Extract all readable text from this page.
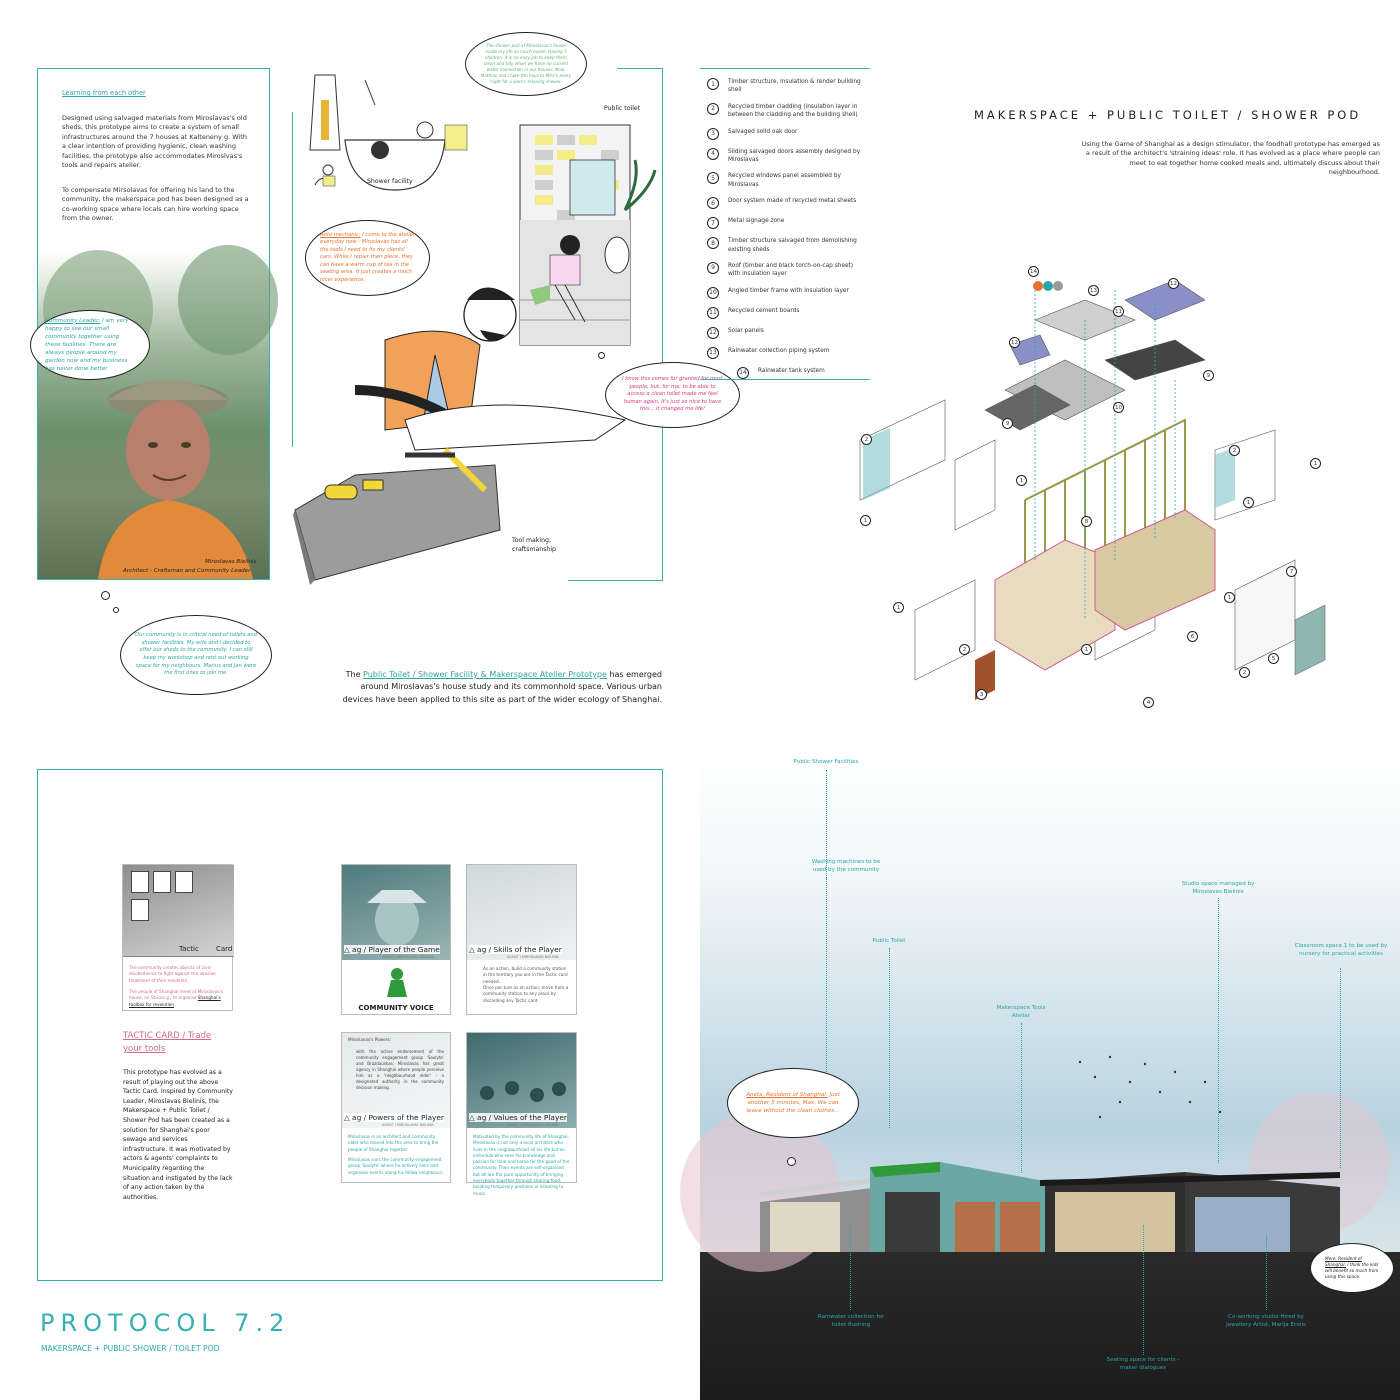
Learning from each other
Designed using salvaged materials from Miroslavas's old sheds, this prototype aims to create a system of small infrastructures around the 7 houses at Kalteneny g. With a clear intention of providing hygienic, clean washing facilities, the prototype also accommodates Miroslvas's tools and repairs atelier.
To compensate Mirsolavas for offering his land to the community, the makerspace pod has been designed as a co-working space where locals can hire working space from the owner.
Community Leader: I am very happy to see our small community together using these facilities. There are always people around my garden now and my business has never done better.
Miroslavas Bielinis
Architect - Craftsman and Community Leader
Our community is in critical need of toilets and shower facilities. My wife and I decided to offer our sheds to the community. I can still keep my workshop and rent out working space for my neighbours. Marius and Jan were the first ones to join me.
The shower pod at Miroslavas's house made my life so much easier. Having 5 children, it is no easy job to keep them clean and tidy when we have no current water connection in our houses. Now, Mathias and I take the boys to Miro's every night for a warm, relaxing shower.
Public toilet
Shower facility
Auto mechanic: I come to the atelier everyday now - Miroslavas has all the tools I need to fix my clients' cars. While I repair their piece, they can have a warm cup of tea in the seating area. It just creates a much nicer experience.
I know this comes for granted for most people, but, for me, to be able to access a clean toilet made me feel human again. It's just so nice to have this... it changed me life!
Tool making, craftsmanship
The Public Toilet / Shower Facility & Makerspace Atelier Prototype has emerged around Miroslavas's house study and its commonhold space. Various urban devices have been applied to this site as part of the wider ecology of Shanghai.
1	Timber structure, insulation & render building shell
2	Recycled timber cladding (insulation layer in between the cladding and the building shell)
3	Salvaged solid oak door
4	Sliding salvaged doors assembly designed by Miroslavas
5	Recycled windows panel assembled by Miroslavas
6	Door system made of recycled metal sheets
7	Metal signage zone
8	Timber structure salvaged from demolishing existing sheds
9	Roof (timber and black torch-on-cap sheet) with insulation layer
10	Angled timber frame with insulation layer
11	Recycled cement boards
12	Solar panels
13	Rainwater collection piping system
14	Rainwater tank system
MAKERSPACE + PUBLIC TOILET / SHOWER POD
Using the Game of Shanghai as a design stimulator, the foodhall prototype has emerged as a result of the architect's 'straining ideas' role. It has evolved as a place where people can meet to eat together home cooked meals and, ultimately discuss about their neighbourhood.
14
13
12
11
12
9
10
9
2
2
1
1
1
1	8
7
1
1
1
6
2
5
2
3
4
Tactic Card
The community creates objects of civic disobedience to fight against the abusive treatment of their residents.
The people of Shanghai meet at Miroslavas's house, on Stuces g., to organise Shanghai's toolbox for revolution
TACTIC CARD / Trade
your tools
This prototype has evolved as a result of playing out the above Tactic Card. Inspired by Community Leader, Miroslavas Bielinis, the Makerspace + Public Toilet / Shower Pod has been created as a solution for Shanghai's poor sewage and services infrastructure. It was motivated by actors & agents' complaints to Municipality regarding the situation and instigated by the lack of any action taken by the authorities.
△ ag / Player of the Game
AGENT | MIROSLAVAS BIELINIS
COMMUNITY VOICE
△ ag / Skills of the Player
AGENT | MIROSLAVAS BIELINIS
As an action, build a community station in the territory you are in the Tactic card needed.
Once per turn as an action, move from a community station to any place by discarding any Tactic card.
Miroslavas's Powers:
with the active endorsement of the community engagement group 'Saulyte' and Brazdauskas, Miroslavas has great agency in Shanghai where people perceive him as a 'neighbourhood elder' - a designated authority in the community decision making.
△ ag / Powers of the Player
AGENT | MIROSLAVAS BIELINIS
Miroslavas is an architect and community elder who moved into the area to bring the people of Shanghai together.
Miroslavas runs the community engagement group 'Saulyte' where he actively links and organises events along his fellow neighbours.
△ ag / Values of the Player
AGENT | MIROSLAVAS BIELINIS
Motivated by the community life of Shanghai, Miroslavas is not only a local architect who lives in the neighbourhood all his life but an individual who sees his knowledge and passion for land and home for the good of the community. Their events are self-organised but all are the pure opportunity of bringing everybody together through sharing food, building temporary pavilions or listening to music.
PROTOCOL 7.2
MAKERSPACE + PUBLIC SHOWER / TOILET POD
Public Shower Facilities
Washing machines to be used by the community
Public Toilet
Makerspace Tools Atelier
Studio space managed by Miroslavas Bielinis
Classroom space 1 to be used by nursery for practical activities
Rainwater collection for toilet flushing
Seating space for clients - maker dialogues
Co-working studio Hired by Jewellery Artist, Marija Erstis
Aneta, Resident of Shanghai: Just another 5 minutes, Max. We can leave without the clean clothes...
Mere, Resident of Shanghai: I think the kids will benefit so much from using this space.
